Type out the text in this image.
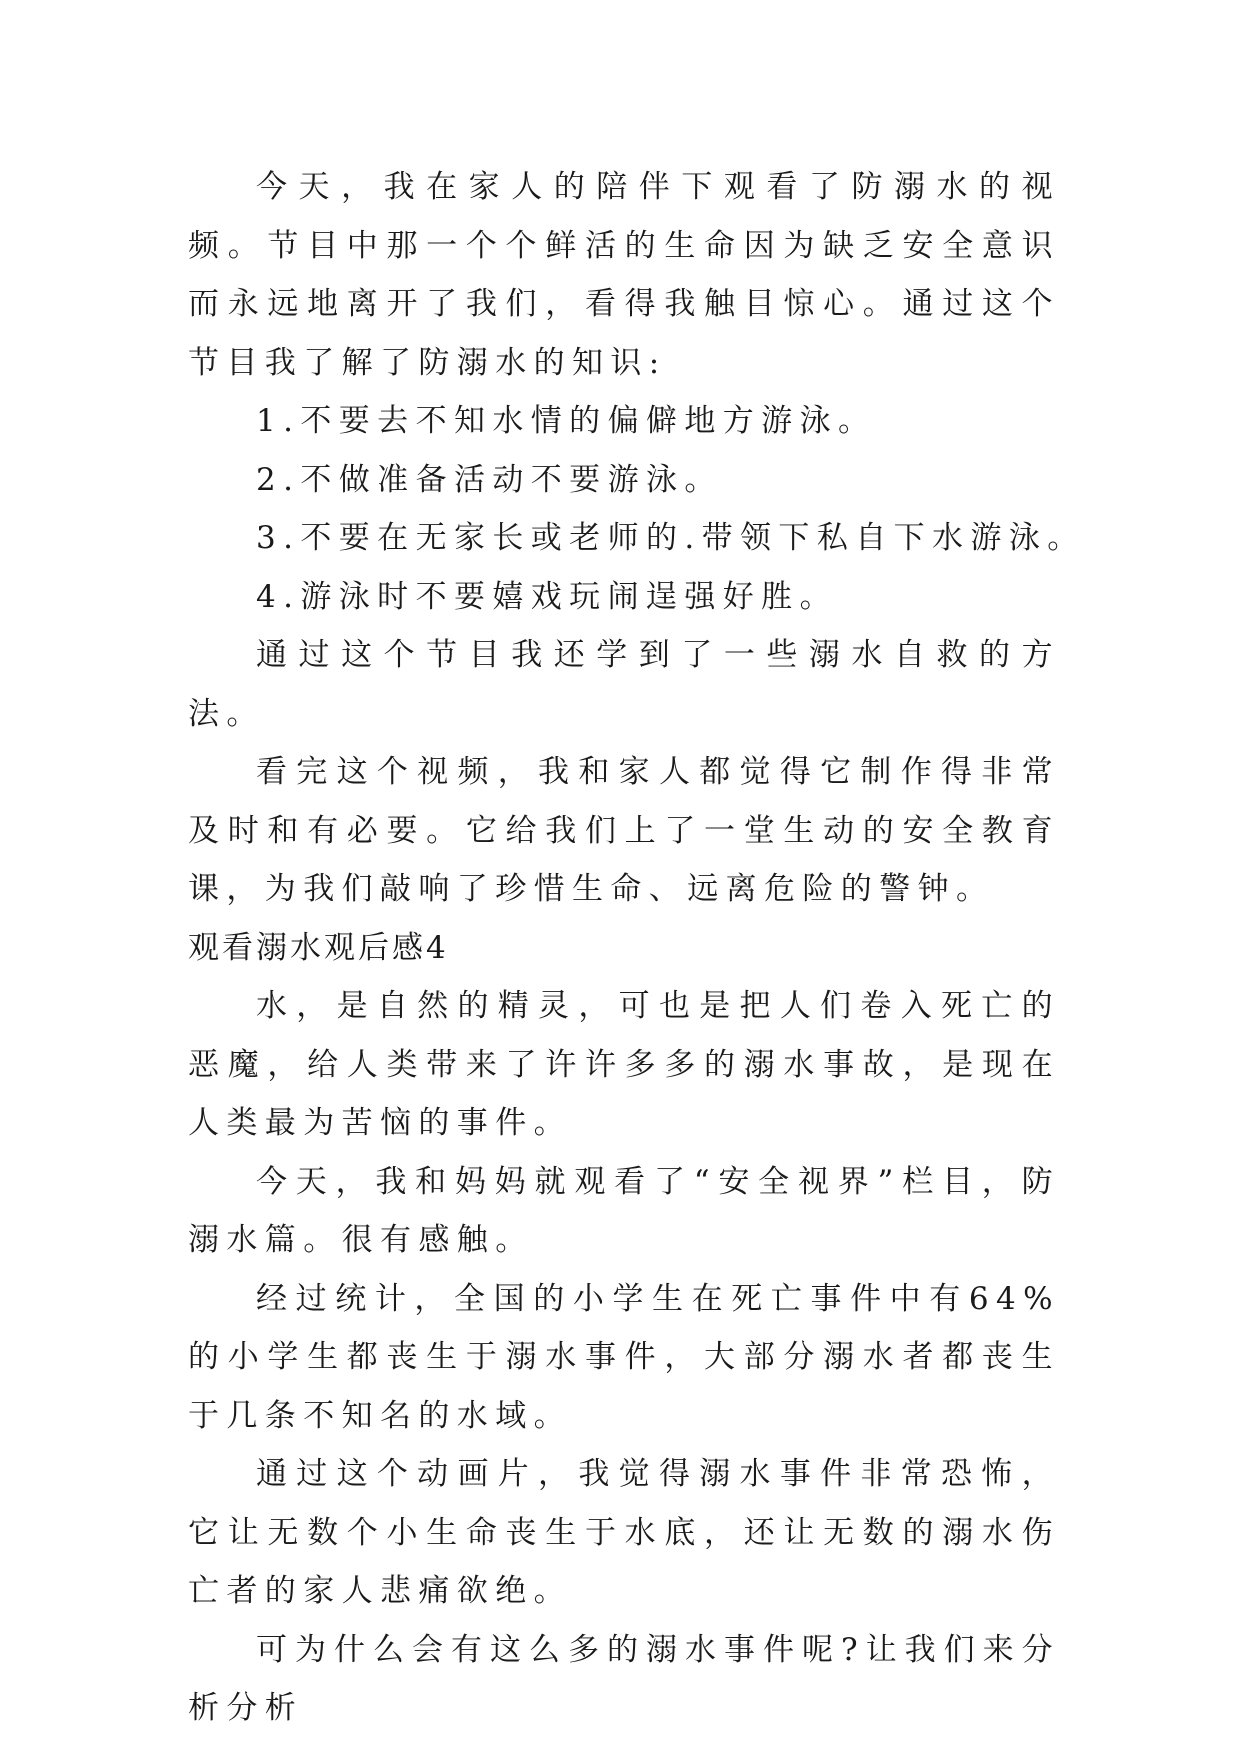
今天，我在家人的陪伴下观看了防溺水的视频。节目中那一个个鲜活的生命因为缺乏安全意识而永远地离开了我们，看得我触目惊心。通过这个节目我了解了防溺水的知识:

1.不要去不知水情的偏僻地方游泳。

2.不做准备活动不要游泳。

3.不要在无家长或老师的.带领下私自下水游泳。

4.游泳时不要嬉戏玩闹逞强好胜。

通过这个节目我还学到了一些溺水自救的方法。

看完这个视频，我和家人都觉得它制作得非常及时和有必要。它给我们上了一堂生动的安全教育课，为我们敲响了珍惜生命、远离危险的警钟。

观看溺水观后感4

水，是自然的精灵，可也是把人们卷入死亡的恶魔，给人类带来了许许多多的溺水事故，是现在人类最为苦恼的事件。

今天，我和妈妈就观看了“安全视界”栏目，防溺水篇。很有感触。

经过统计，全国的小学生在死亡事件中有64%的小学生都丧生于溺水事件，大部分溺水者都丧生于几条不知名的水域。

通过这个动画片，我觉得溺水事件非常恐怖，它让无数个小生命丧生于水底，还让无数的溺水伤亡者的家人悲痛欲绝。

可为什么会有这么多的溺水事件呢?让我们来分析分析
